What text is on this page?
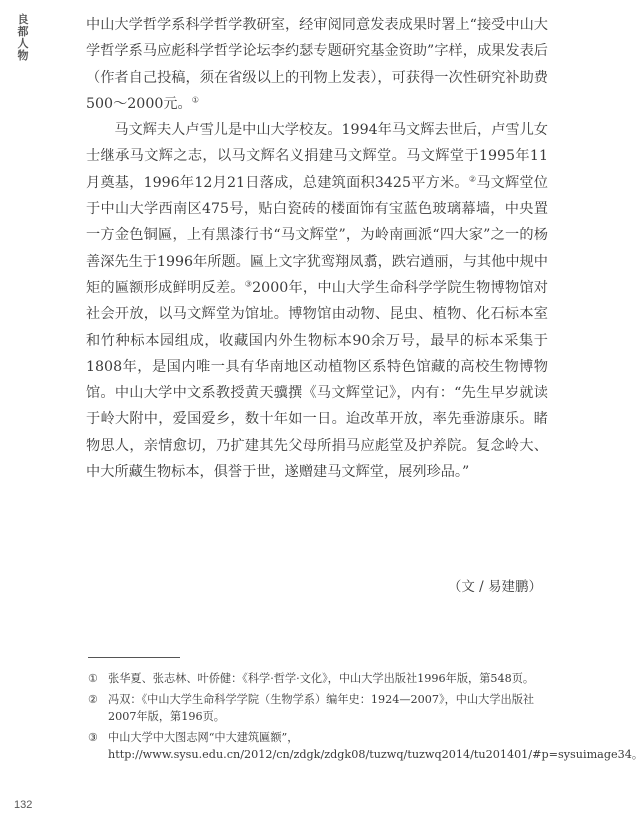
良
都
人
物

中山大学哲学系科学哲学教研室，经审阅同意发表成果时署上“接受中山大学哲学系马应彪科学哲学论坛李约瑟专题研究基金资助”字样，成果发表后（作者自己投稿，须在省级以上的刊物上发表），可获得一次性研究补助费500～2000元。①

马文辉夫人卢雪儿是中山大学校友。1994年马文辉去世后，卢雪儿女士继承马文辉之志，以马文辉名义捐建马文辉堂。马文辉堂于1995年11月奠基，1996年12月21日落成，总建筑面积3425平方米。②马文辉堂位于中山大学西南区475号，贴白瓷砖的楼面饰有宝蓝色玻璃幕墙，中央置一方金色铜匾，上有黑漆行书“马文辉堂”，为岭南画派“四大家”之一的杨善深先生于1996年所题。匾上文字犹鸾翔凤翥，跌宕遒丽，与其他中规中矩的匾额形成鲜明反差。③2000年，中山大学生命科学学院生物博物馆对社会开放，以马文辉堂为馆址。博物馆由动物、昆虫、植物、化石标本室和竹种标本园组成，收藏国内外生物标本90余万号，最早的标本采集于1808年，是国内唯一具有华南地区动植物区系特色馆藏的高校生物博物馆。中山大学中文系教授黄天骥撰《马文辉堂记》，内有：“先生早岁就读于岭大附中，爱国爱乡，数十年如一日。迨改革开放，率先垂游康乐。睹物思人，亲情愈切，乃扩建其先父母所捐马应彪堂及护养院。复念岭大、中大所藏生物标本，俱誉于世，遂赠建马文辉堂，展列珍品。”

（文 / 易建鹏）
① 张华夏、张志林、叶侨健：《科学·哲学·文化》，中山大学出版社1996年版，第548页。
② 冯双：《中山大学生命科学学院（生物学系）编年史：1924—2007》，中山大学出版社2007年版，第196页。
③ 中山大学中大图志网“中大建筑匾额”，http://www.sysu.edu.cn/2012/cn/zdgk/zdgk08/tuzwq/tuzwq2014/tu201401/#p=sysuimage34。
132
